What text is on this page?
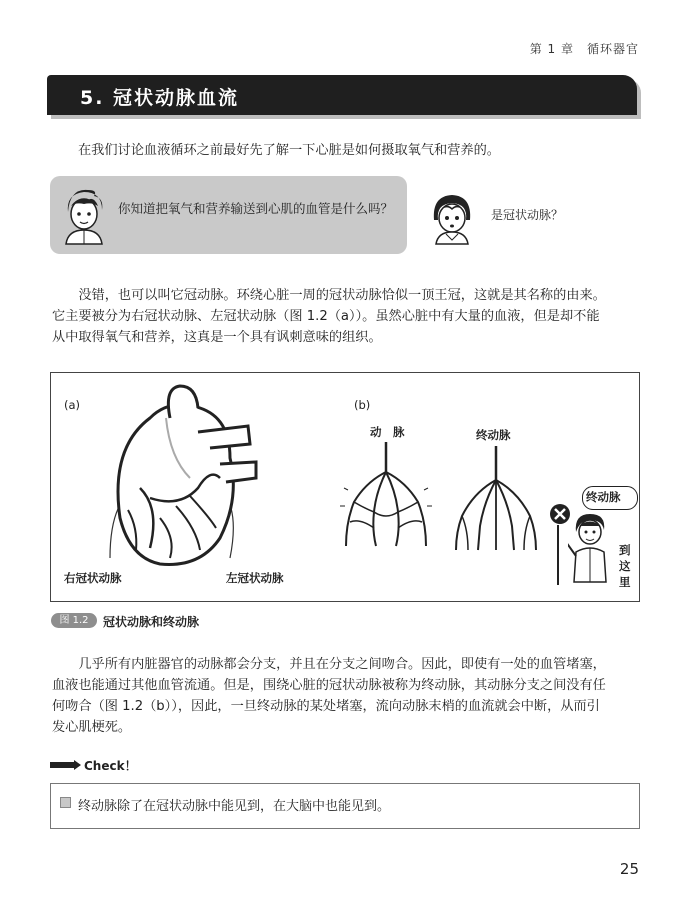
第 1 章　循环器官
5. 冠状动脉血流
在我们讨论血液循环之前最好先了解一下心脏是如何摄取氧气和营养的。
你知道把氧气和营养输送到心肌的血管是什么吗？	是冠状动脉？
　　没错，也可以叫它冠动脉。环绕心脏一周的冠状动脉恰似一顶王冠，这就是其名称的由来。
它主要被分为右冠状动脉、左冠状动脉（图 1.2（a））。虽然心脏中有大量的血液，但是却不能
从中取得氧气和营养，这真是一个具有讽刺意味的组织。
(a)	(b)
右冠状动脉	左冠状动脉
动　脉	终动脉
终动脉
到
这
里
图 1.2	冠状动脉和终动脉
　　几乎所有内脏器官的动脉都会分支，并且在分支之间吻合。因此，即使有一处的血管堵塞，
血液也能通过其他血管流通。但是，围绕心脏的冠状动脉被称为终动脉，其动脉分支之间没有任
何吻合（图 1.2（b）），因此，一旦终动脉的某处堵塞，流向动脉末梢的血流就会中断，从而引
发心肌梗死。
Check！
终动脉除了在冠状动脉中能见到，在大脑中也能见到。
25
